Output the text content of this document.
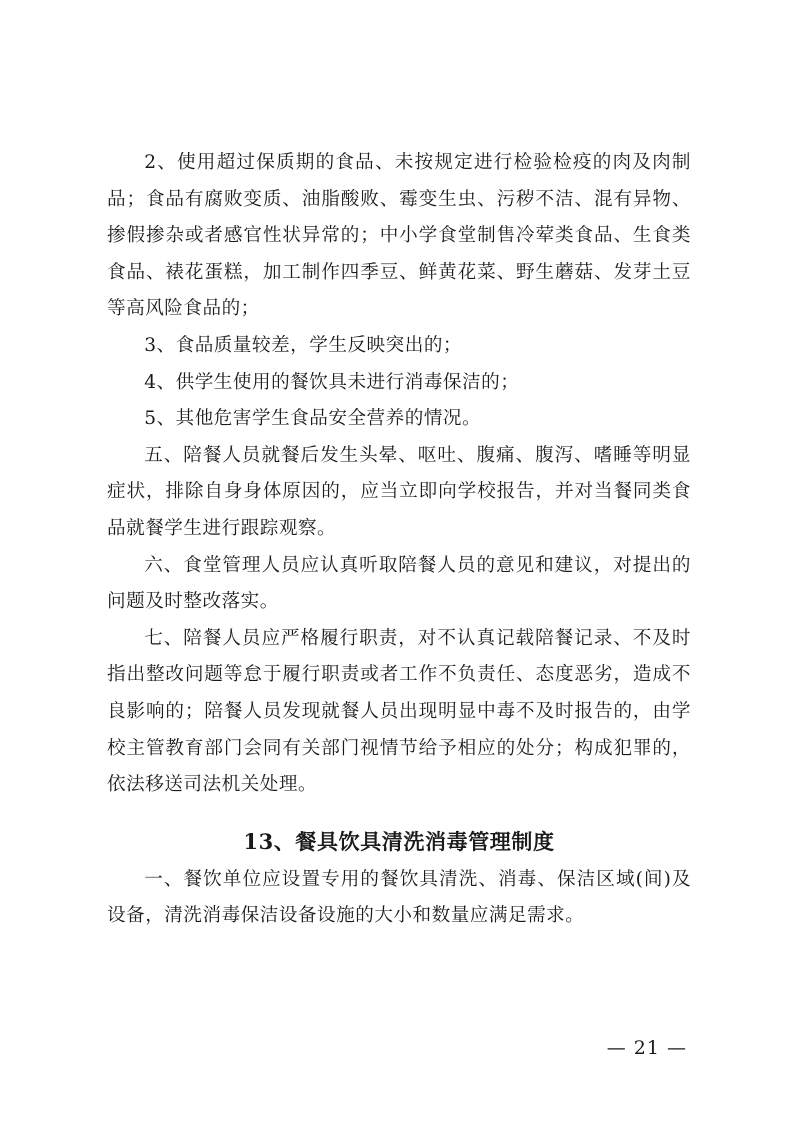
2、使用超过保质期的食品、未按规定进行检验检疫的肉及肉制品；食品有腐败变质、油脂酸败、霉变生虫、污秽不洁、混有异物、掺假掺杂或者感官性状异常的；中小学食堂制售冷荤类食品、生食类食品、裱花蛋糕，加工制作四季豆、鲜黄花菜、野生蘑菇、发芽土豆等高风险食品的；

3、食品质量较差，学生反映突出的；

4、供学生使用的餐饮具未进行消毒保洁的；

5、其他危害学生食品安全营养的情况。

五、陪餐人员就餐后发生头晕、呕吐、腹痛、腹泻、嗜睡等明显症状，排除自身身体原因的，应当立即向学校报告，并对当餐同类食品就餐学生进行跟踪观察。

六、食堂管理人员应认真听取陪餐人员的意见和建议，对提出的问题及时整改落实。

七、陪餐人员应严格履行职责，对不认真记载陪餐记录、不及时指出整改问题等怠于履行职责或者工作不负责任、态度恶劣，造成不良影响的；陪餐人员发现就餐人员出现明显中毒不及时报告的，由学校主管教育部门会同有关部门视情节给予相应的处分；构成犯罪的，依法移送司法机关处理。

13、餐具饮具清洗消毒管理制度

一、餐饮单位应设置专用的餐饮具清洗、消毒、保洁区域(间)及设备，清洗消毒保洁设备设施的大小和数量应满足需求。

— 21 —
